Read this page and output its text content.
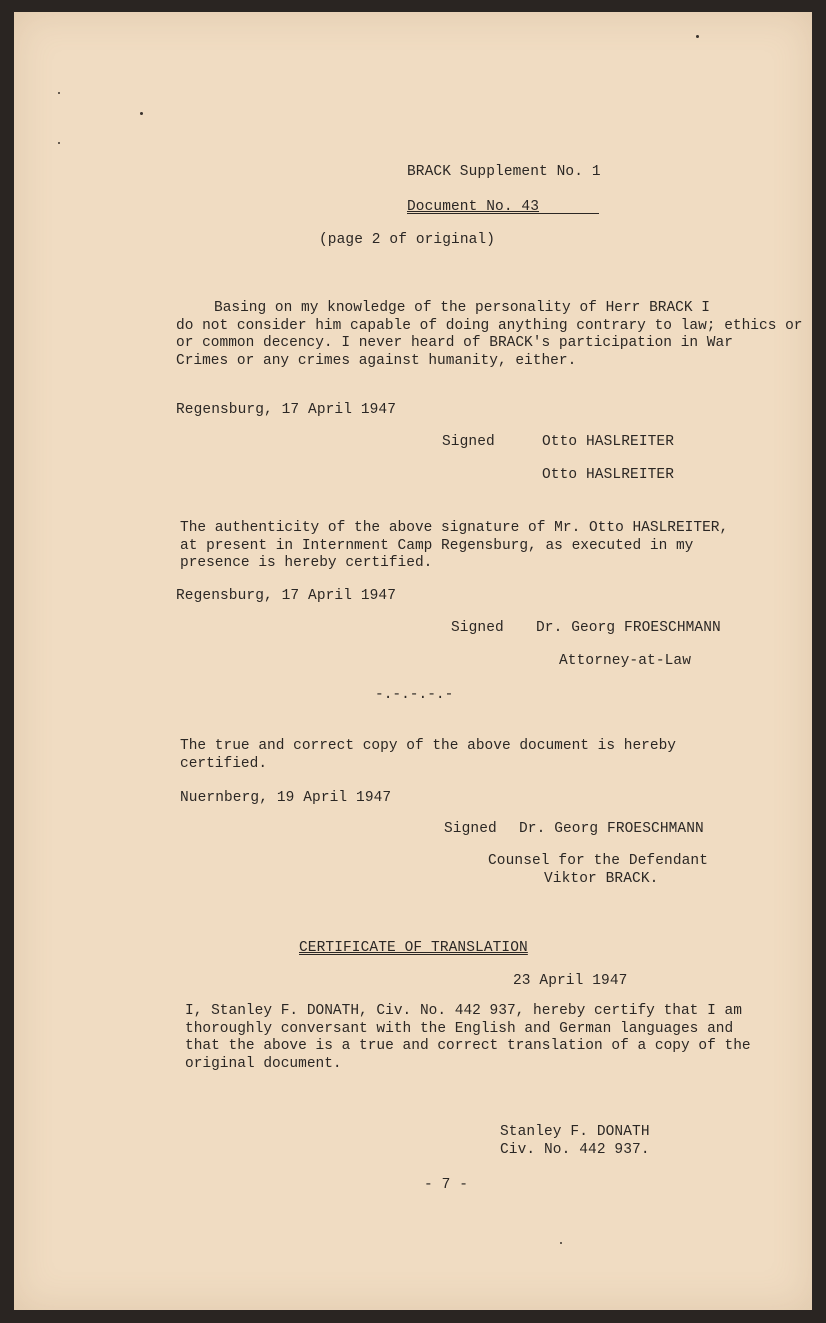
BRACK Supplement No. 1
Document No. 43
(page 2 of original)
Basing on my knowledge of the personality of Herr BRACK I
do not consider him capable of doing anything contrary to law; ethics or
or common decency. I never heard of BRACK's participation in War
Crimes or any crimes against humanity, either.
Regensburg, 17 April 1947
Signed	Otto HASLREITER
Otto HASLREITER
The authenticity of the above signature of Mr. Otto HASLREITER,
at present in Internment Camp Regensburg, as executed in my
presence is hereby certified.
Regensburg, 17 April 1947
Signed Dr. Georg FROESCHMANN
Attorney-at-Law
-.-.-.-.-
The true and correct copy of the above document is hereby
certified.
Nuernberg, 19 April 1947
Signed Dr. Georg FROESCHMANN
Counsel for the Defendant
Viktor BRACK.
CERTIFICATE OF TRANSLATION
23 April 1947
I, Stanley F. DONATH, Civ. No. 442 937, hereby certify that I am
thoroughly conversant with the English and German languages and
that the above is a true and correct translation of a copy of the
original document.
Stanley F. DONATH
Civ. No. 442 937.
- 7 -
